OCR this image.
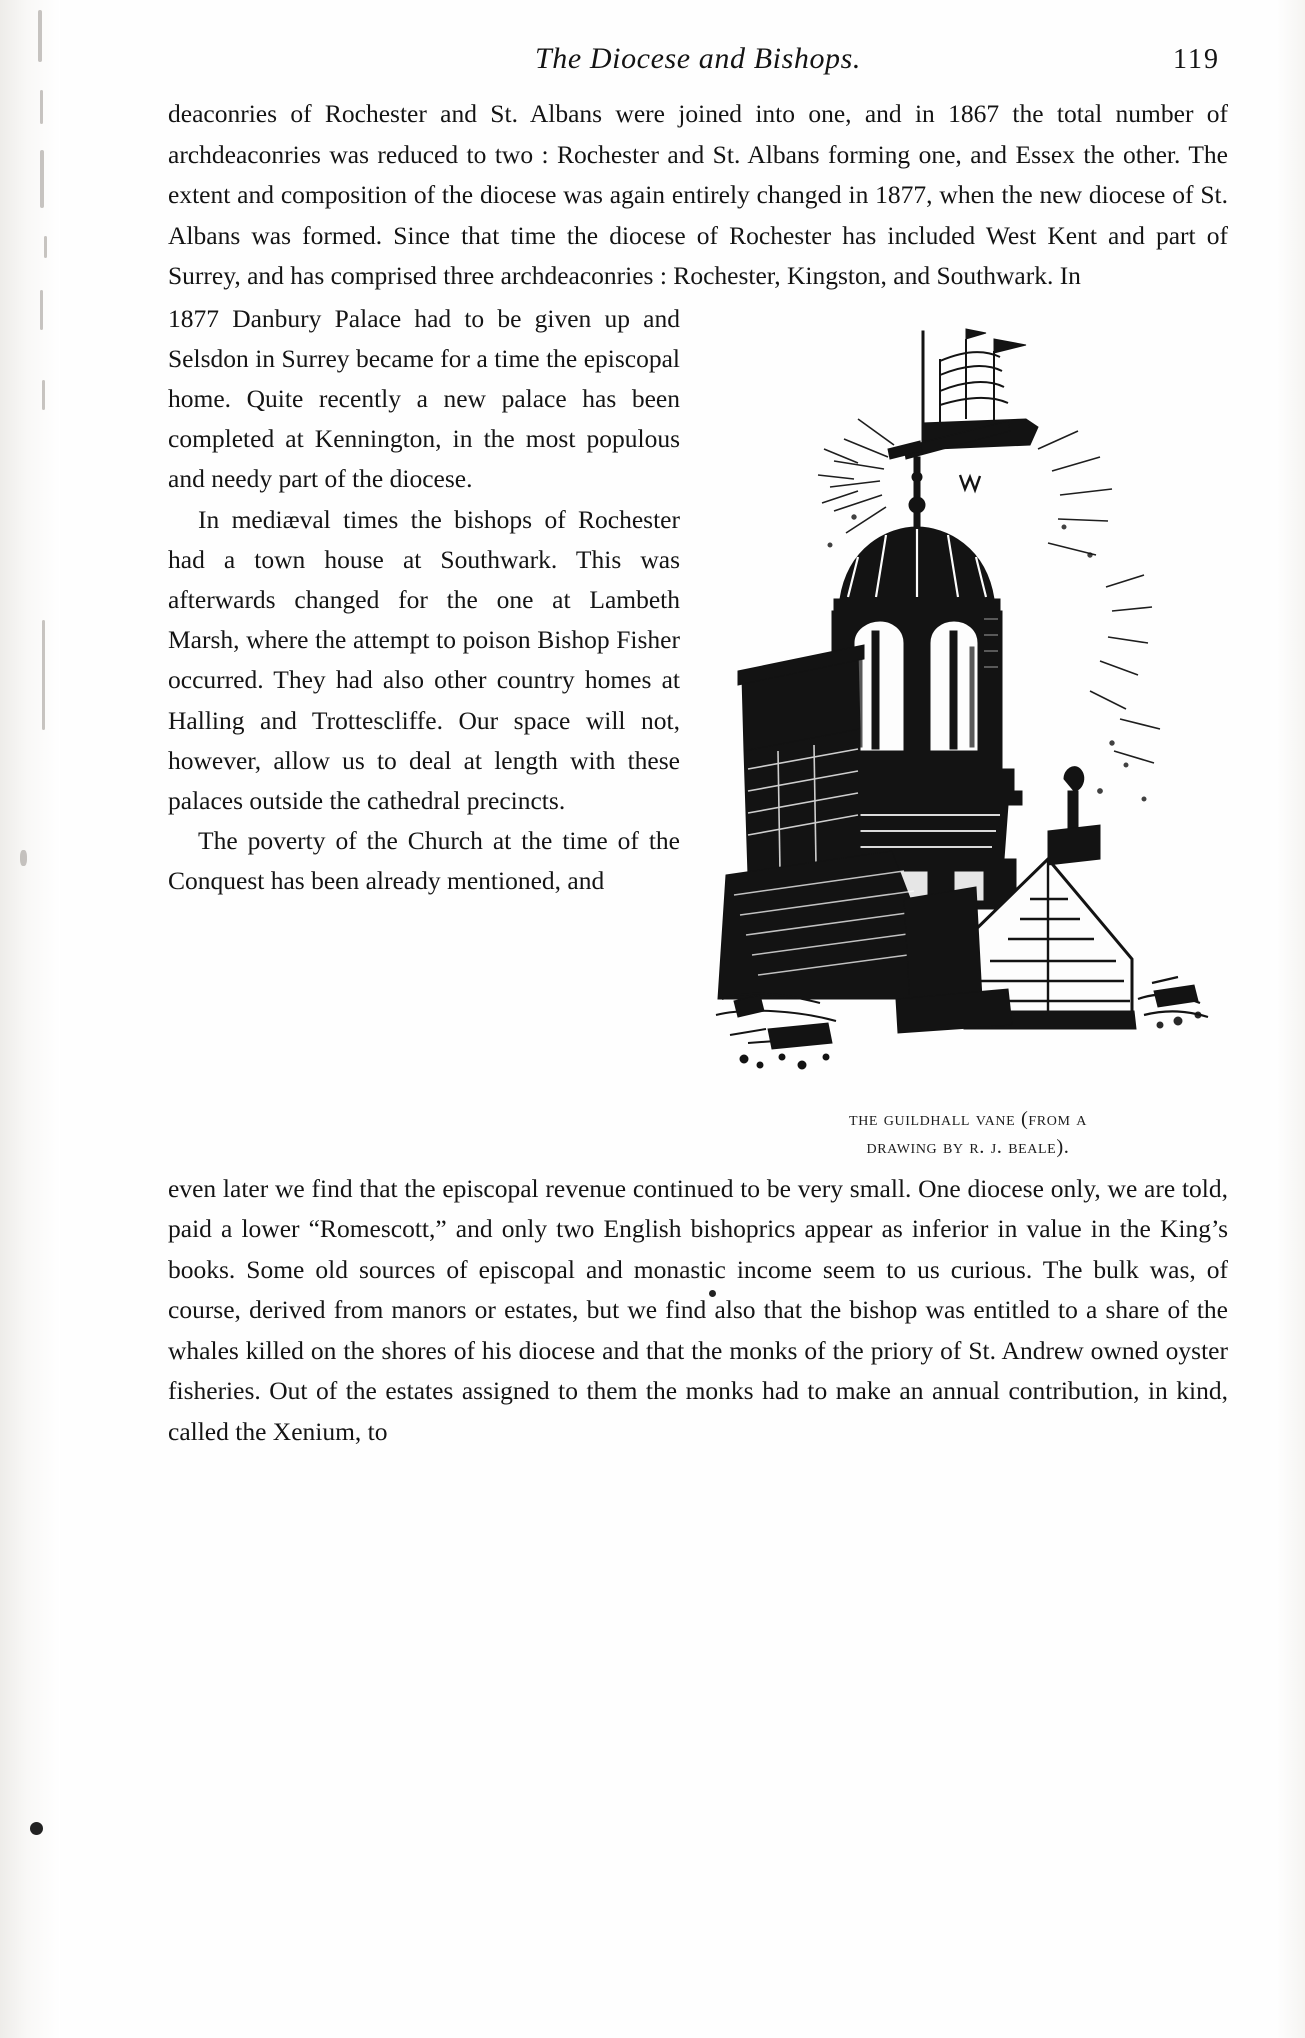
The Diocese and Bishops.	119

deaconries of Rochester and St. Albans were joined into one, and in 1867 the total number of archdeaconries was reduced to two : Rochester and St. Albans forming one, and Essex the other. The extent and composition of the diocese was again entirely changed in 1877, when the new diocese of St. Albans was formed. Since that time the diocese of Rochester has included West Kent and part of Surrey, and has comprised three archdeaconries : Rochester, Kingston, and Southwark. In

the guildhall vane (from a
drawing by r. j. beale).

1877 Danbury Palace had to be given up and Selsdon in Surrey became for a time the episcopal home. Quite recently a new palace has been completed at Kennington, in the most populous and needy part of the diocese.

In mediæval times the bishops of Rochester had a town house at Southwark. This was afterwards changed for the one at Lambeth Marsh, where the attempt to poison Bishop Fisher occurred. They had also other country homes at Halling and Trottescliffe. Our space will not, however, allow us to deal at length with these palaces outside the cathedral precincts.

The poverty of the Church at the time of the Conquest has been already mentioned, and

even later we find that the episcopal revenue continued to be very small. One diocese only, we are told, paid a lower “Romescott,” and only two English bishoprics appear as inferior in value in the King’s books. Some old sources of episcopal and monastic income seem to us curious. The bulk was, of course, derived from manors or estates, but we find also that the bishop was entitled to a share of the whales killed on the shores of his diocese and that the monks of the priory of St. Andrew owned oyster fisheries. Out of the estates assigned to them the monks had to make an annual contribution, in kind, called the Xenium, to
